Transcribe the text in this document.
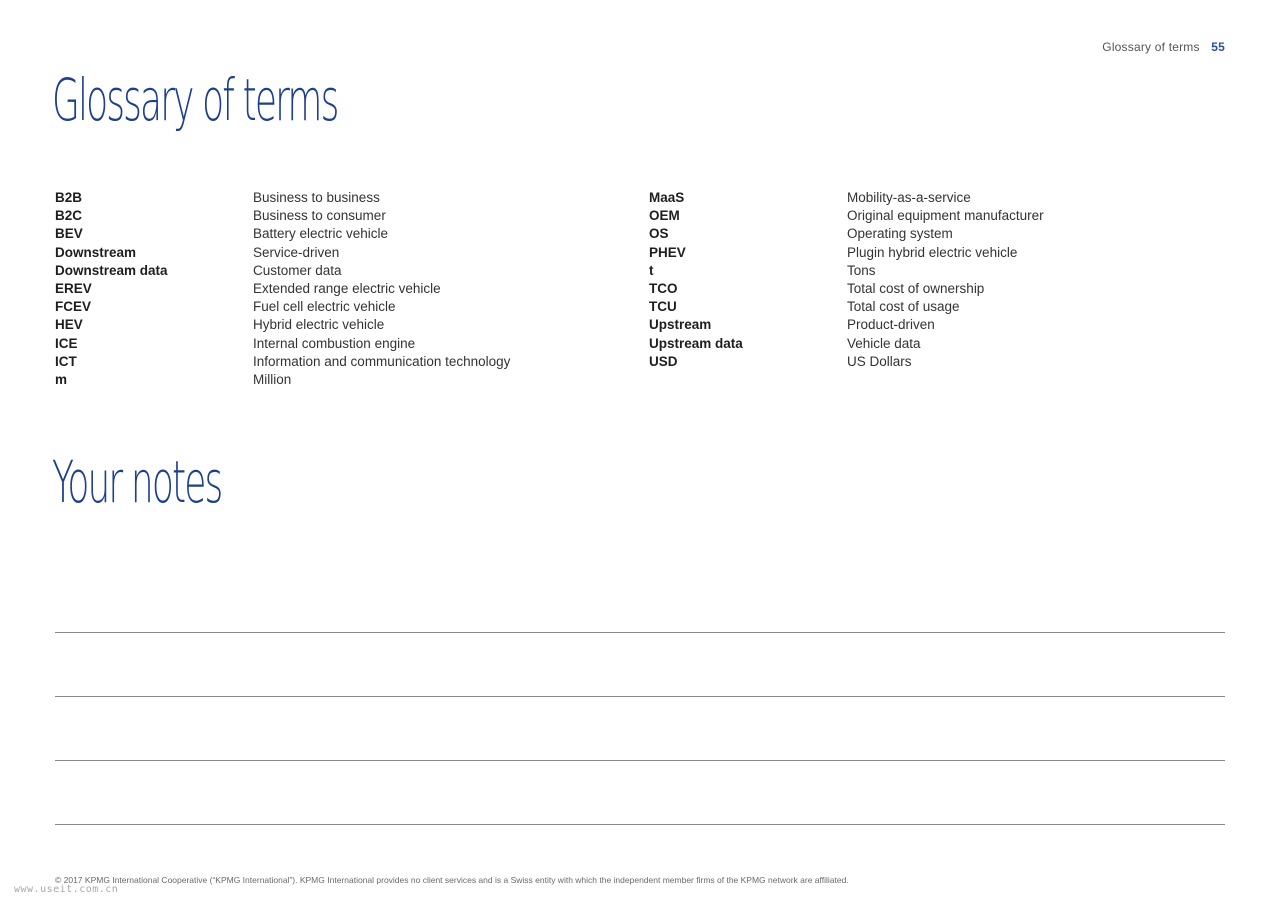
Glossary of terms 55
Glossary of terms
B2B	Business to business
B2C	Business to consumer
BEV	Battery electric vehicle
Downstream	Service-driven
Downstream data	Customer data
EREV	Extended range electric vehicle
FCEV	Fuel cell electric vehicle
HEV	Hybrid electric vehicle
ICE	Internal combustion engine
ICT	Information and communication technology
m	Million
MaaS	Mobility-as-a-service
OEM	Original equipment manufacturer
OS	Operating system
PHEV	Plugin hybrid electric vehicle
t	Tons
TCO	Total cost of ownership
TCU	Total cost of usage
Upstream	Product-driven
Upstream data	Vehicle data
USD	US Dollars
Your notes
© 2017 KPMG International Cooperative (“KPMG International”). KPMG International provides no client services and is a Swiss entity with which the independent member firms of the KPMG network are affiliated.
www.useit.com.cn
